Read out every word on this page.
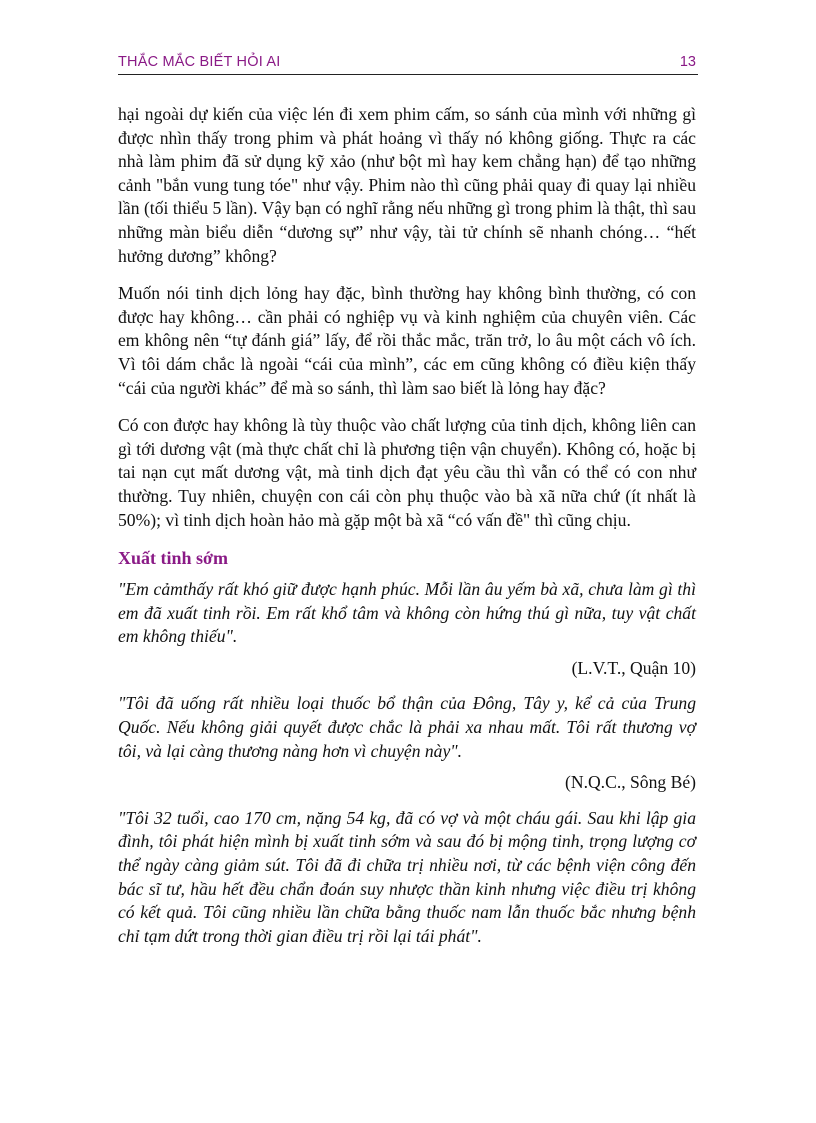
THẮC MẮC BIẾT HỎI AI	13

hại ngoài dự kiến của việc lén đi xem phim cấm, so sánh của mình với những gì được nhìn thấy trong phim và phát hoảng vì thấy nó không giống. Thực ra các nhà làm phim đã sử dụng kỹ xảo (như bột mì hay kem chẳng hạn) để tạo những cảnh "bắn vung tung tóe" như vậy. Phim nào thì cũng phải quay đi quay lại nhiều lần (tối thiểu 5 lần). Vậy bạn có nghĩ rằng nếu những gì trong phim là thật, thì sau những màn biểu diễn “dương sự” như vậy, tài tử chính sẽ nhanh chóng… “hết hưởng dương” không?

Muốn nói tinh dịch lỏng hay đặc, bình thường hay không bình thường, có con được hay không… cần phải có nghiệp vụ và kinh nghiệm của chuyên viên. Các em không nên “tự đánh giá” lấy, để rồi thắc mắc, trăn trở, lo âu một cách vô ích. Vì tôi dám chắc là ngoài “cái của mình”, các em cũng không có điều kiện thấy “cái của người khác” để mà so sánh, thì làm sao biết là lỏng hay đặc?

Có con được hay không là tùy thuộc vào chất lượng của tinh dịch, không liên can gì tới dương vật (mà thực chất chỉ là phương tiện vận chuyển). Không có, hoặc bị tai nạn cụt mất dương vật, mà tinh dịch đạt yêu cầu thì vẫn có thể có con như thường. Tuy nhiên, chuyện con cái còn phụ thuộc vào bà xã nữa chứ (ít nhất là 50%); vì tinh dịch hoàn hảo mà gặp một bà xã “có vấn đề" thì cũng chịu.

Xuất tinh sớm

"Em cảmthấy rất khó giữ được hạnh phúc. Mỗi lần âu yếm bà xã, chưa làm gì thì em đã xuất tinh rồi. Em rất khổ tâm và không còn hứng thú gì nữa, tuy vật chất em không thiếu".

(L.V.T., Quận 10)

"Tôi đã uống rất nhiều loại thuốc bổ thận của Đông, Tây y, kể cả của Trung Quốc. Nếu không giải quyết được chắc là phải xa nhau mất. Tôi rất thương vợ tôi, và lại càng thương nàng hơn vì chuyện này".

(N.Q.C., Sông Bé)

"Tôi 32 tuổi, cao 170 cm, nặng 54 kg, đã có vợ và một cháu gái. Sau khi lập gia đình, tôi phát hiện mình bị xuất tinh sớm và sau đó bị mộng tinh, trọng lượng cơ thể ngày càng giảm sút. Tôi đã đi chữa trị nhiều nơi, từ các bệnh viện công đến bác sĩ tư, hầu hết đều chẩn đoán suy nhược thần kinh nhưng việc điều trị không có kết quả. Tôi cũng nhiều lần chữa bằng thuốc nam lẫn thuốc bắc nhưng bệnh chỉ tạm dứt trong thời gian điều trị rồi lại tái phát".
